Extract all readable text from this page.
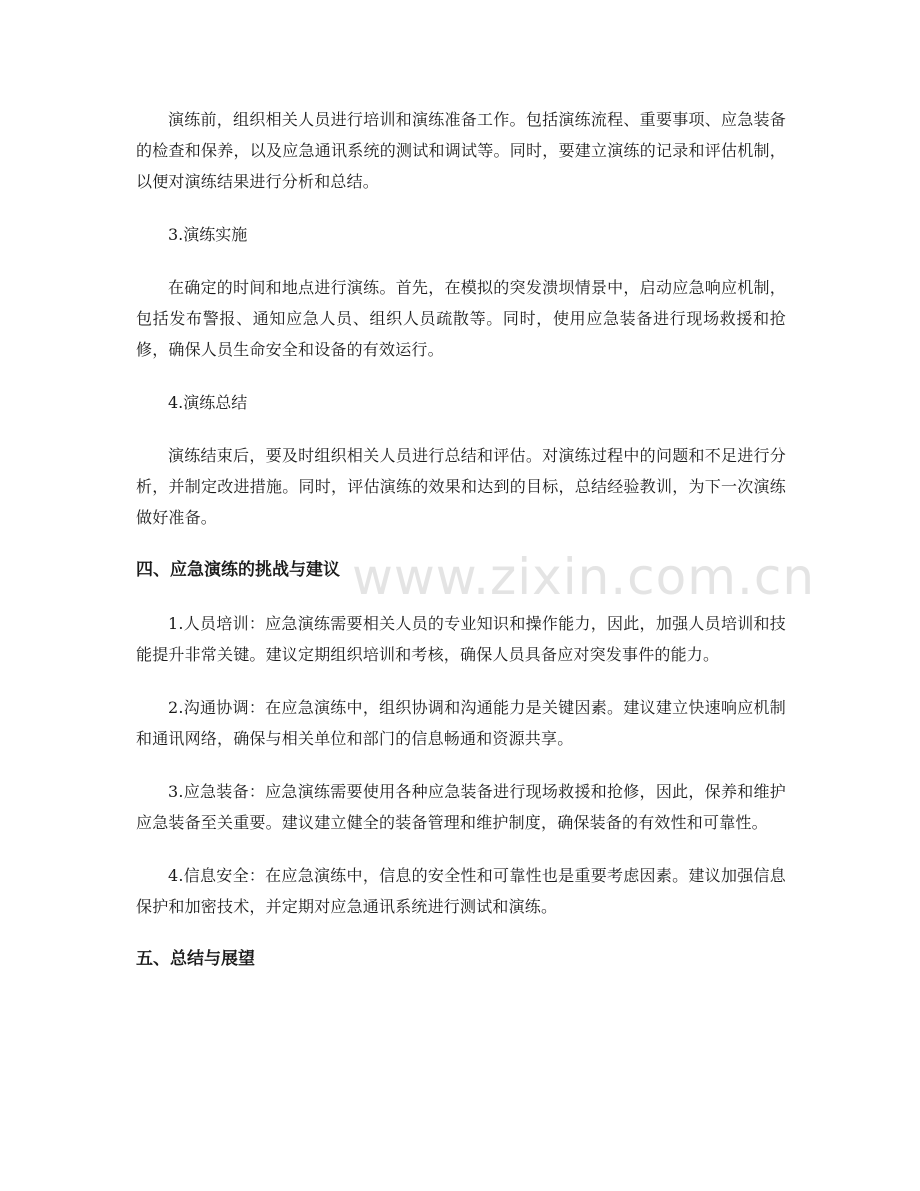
演练前，组织相关人员进行培训和演练准备工作。包括演练流程、重要事项、应急装备的检查和保养，以及应急通讯系统的测试和调试等。同时，要建立演练的记录和评估机制，以便对演练结果进行分析和总结。

3.演练实施

在确定的时间和地点进行演练。首先，在模拟的突发溃坝情景中，启动应急响应机制，包括发布警报、通知应急人员、组织人员疏散等。同时，使用应急装备进行现场救援和抢修，确保人员生命安全和设备的有效运行。

4.演练总结

演练结束后，要及时组织相关人员进行总结和评估。对演练过程中的问题和不足进行分析，并制定改进措施。同时，评估演练的效果和达到的目标，总结经验教训，为下一次演练做好准备。

四、应急演练的挑战与建议

1.人员培训：应急演练需要相关人员的专业知识和操作能力，因此，加强人员培训和技能提升非常关键。建议定期组织培训和考核，确保人员具备应对突发事件的能力。

2.沟通协调：在应急演练中，组织协调和沟通能力是关键因素。建议建立快速响应机制和通讯网络，确保与相关单位和部门的信息畅通和资源共享。

3.应急装备：应急演练需要使用各种应急装备进行现场救援和抢修，因此，保养和维护应急装备至关重要。建议建立健全的装备管理和维护制度，确保装备的有效性和可靠性。

4.信息安全：在应急演练中，信息的安全性和可靠性也是重要考虑因素。建议加强信息保护和加密技术，并定期对应急通讯系统进行测试和演练。

五、总结与展望
www.zixin.com.cn
